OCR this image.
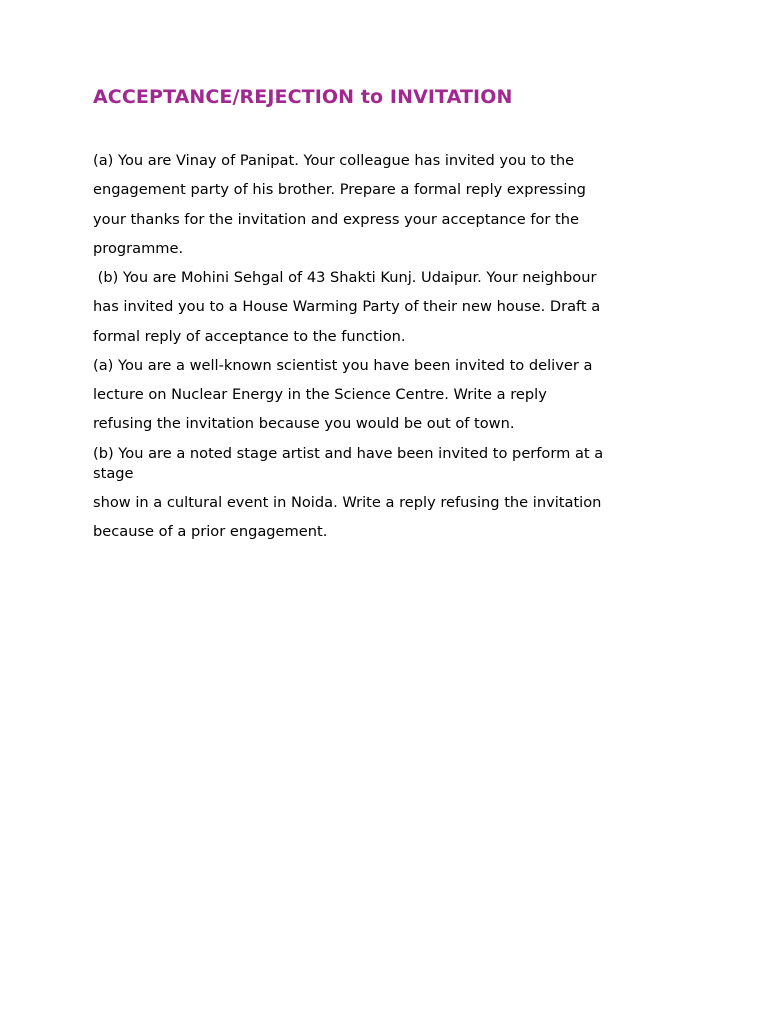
ACCEPTANCE/REJECTION to INVITATION

(a) You are Vinay of Panipat. Your colleague has invited you to the

engagement party of his brother. Prepare a formal reply expressing

your thanks for the invitation and express your acceptance for the

programme.

(b) You are Mohini Sehgal of 43 Shakti Kunj. Udaipur. Your neighbour

has invited you to a House Warming Party of their new house. Draft a

formal reply of acceptance to the function.

(a) You are a well-known scientist you have been invited to deliver a

lecture on Nuclear Energy in the Science Centre. Write a reply

refusing the invitation because you would be out of town.

(b) You are a noted stage artist and have been invited to perform at a

stage

show in a cultural event in Noida. Write a reply refusing the invitation

because of a prior engagement.
